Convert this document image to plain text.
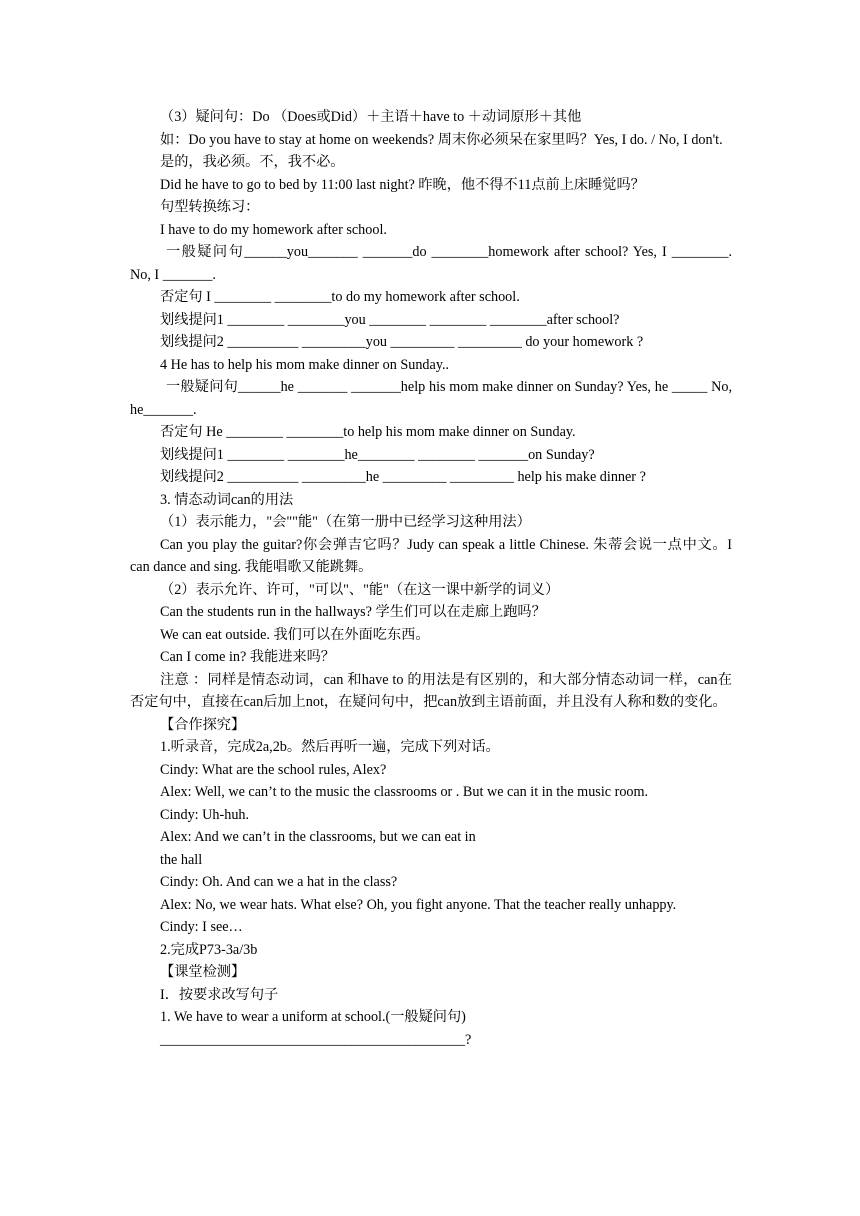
（3）疑问句：Do （Does或Did）＋主语＋have to ＋动词原形＋其他

如：Do you have to stay at home on weekends? 周末你必须呆在家里吗？Yes, I do. / No, I don't.

是的，我必须。不，我不必。

Did he have to go to bed by 11:00 last night? 昨晚，他不得不11点前上床睡觉吗？

句型转换练习：

I have to do my homework after school.

一般疑问句______you_______ _______do ________homework after school? Yes, I ________. No, I _______.

否定句 I ________ ________to do my homework after school.

划线提问1 ________ ________you ________ ________ ________after school?

划线提问2 __________ _________you _________ _________ do your homework ?

4 He has to help his mom make dinner on Sunday..

一般疑问句______he _______ _______help his mom make dinner on Sunday? Yes, he _____ No, he_______.

否定句 He ________ ________to help his mom make dinner on Sunday.

划线提问1 ________ ________he________ ________ _______on Sunday?

划线提问2 __________ _________he _________ _________ help his make dinner ?

3. 情态动词can的用法

（1）表示能力，"会""能"（在第一册中已经学习这种用法）

Can you play the guitar?你会弹吉它吗？Judy can speak a little Chinese. 朱蒂会说一点中文。I can dance and sing. 我能唱歌又能跳舞。

（2）表示允许、许可，"可以"、"能"（在这一课中新学的词义）

Can the students run in the hallways? 学生们可以在走廊上跑吗？

We can eat outside. 我们可以在外面吃东西。

Can I come in? 我能进来吗？

注意 ：同样是情态动词，can 和have to 的用法是有区别的，和大部分情态动词一样，can在否定句中，直接在can后加上not，在疑问句中，把can放到主语前面，并且没有人称和数的变化。

【合作探究】

1.听录音，完成2a,2b。然后再听一遍，完成下列对话。

Cindy: What are the school rules, Alex?

Alex: Well, we can’t to the music the classrooms or . But we can it in the music room.

Cindy: Uh-huh.

Alex: And we can’t in the classrooms, but we can eat in

the hall

Cindy: Oh. And can we a hat in the class?

Alex: No, we wear hats. What else? Oh, you fight anyone. That the teacher really unhappy.

Cindy: I see…

2.完成P73-3a/3b

【课堂检测】

I．按要求改写句子

1. We have to wear a uniform at school.(一般疑问句)

___________________________________________?
